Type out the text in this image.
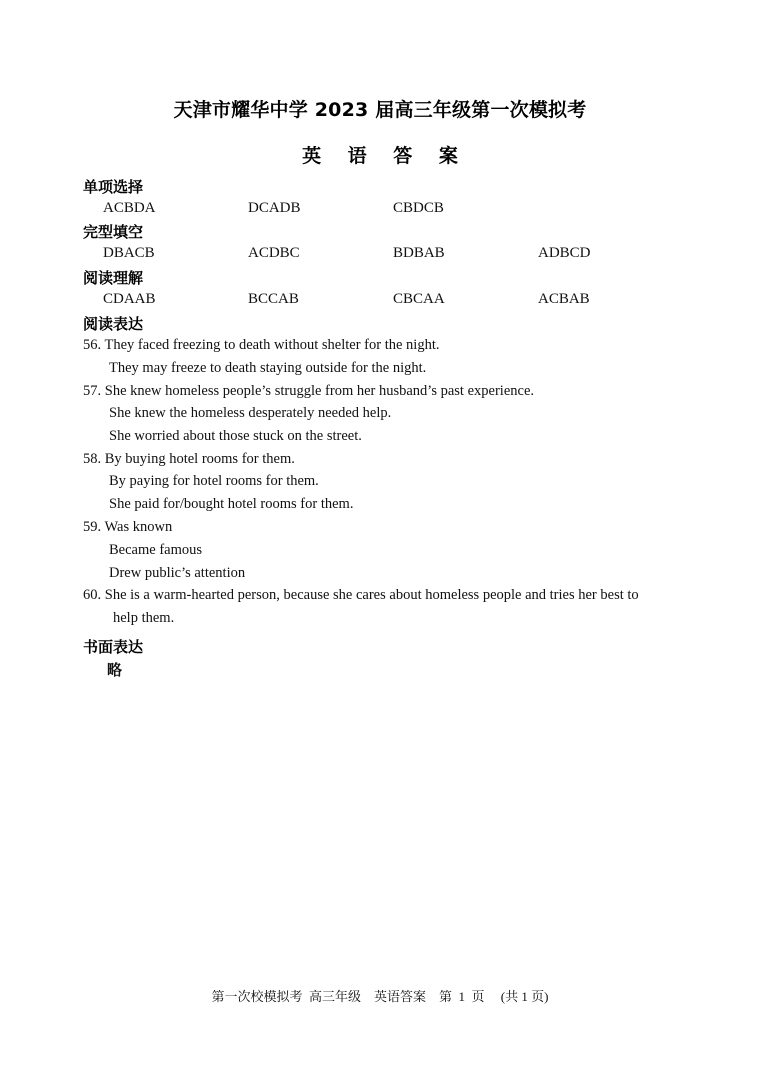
天津市耀华中学 2023 届高三年级第一次模拟考
英 语 答 案
单项选择
ACBDA	DCADB	CBDCB
完型填空
DBACB	ACDBC	BDBAB	ADBCD
阅读理解
CDAAB	BCCAB	CBCAA	ACBAB
阅读表达
56. They faced freezing to death without shelter for the night.
They may freeze to death staying outside for the night.
57. She knew homeless people’s struggle from her husband’s past experience.
She knew the homeless desperately needed help.
She worried about those stuck on the street.
58. By buying hotel rooms for them.
By paying for hotel rooms for them.
She paid for/bought hotel rooms for them.
59. Was known
Became famous
Drew public’s attention
60. She is a warm-hearted person, because she cares about homeless people and tries her best to
help them.
书面表达
略
第一次校模拟考  高三年级    英语答案    第  1  页     (共 1 页)
